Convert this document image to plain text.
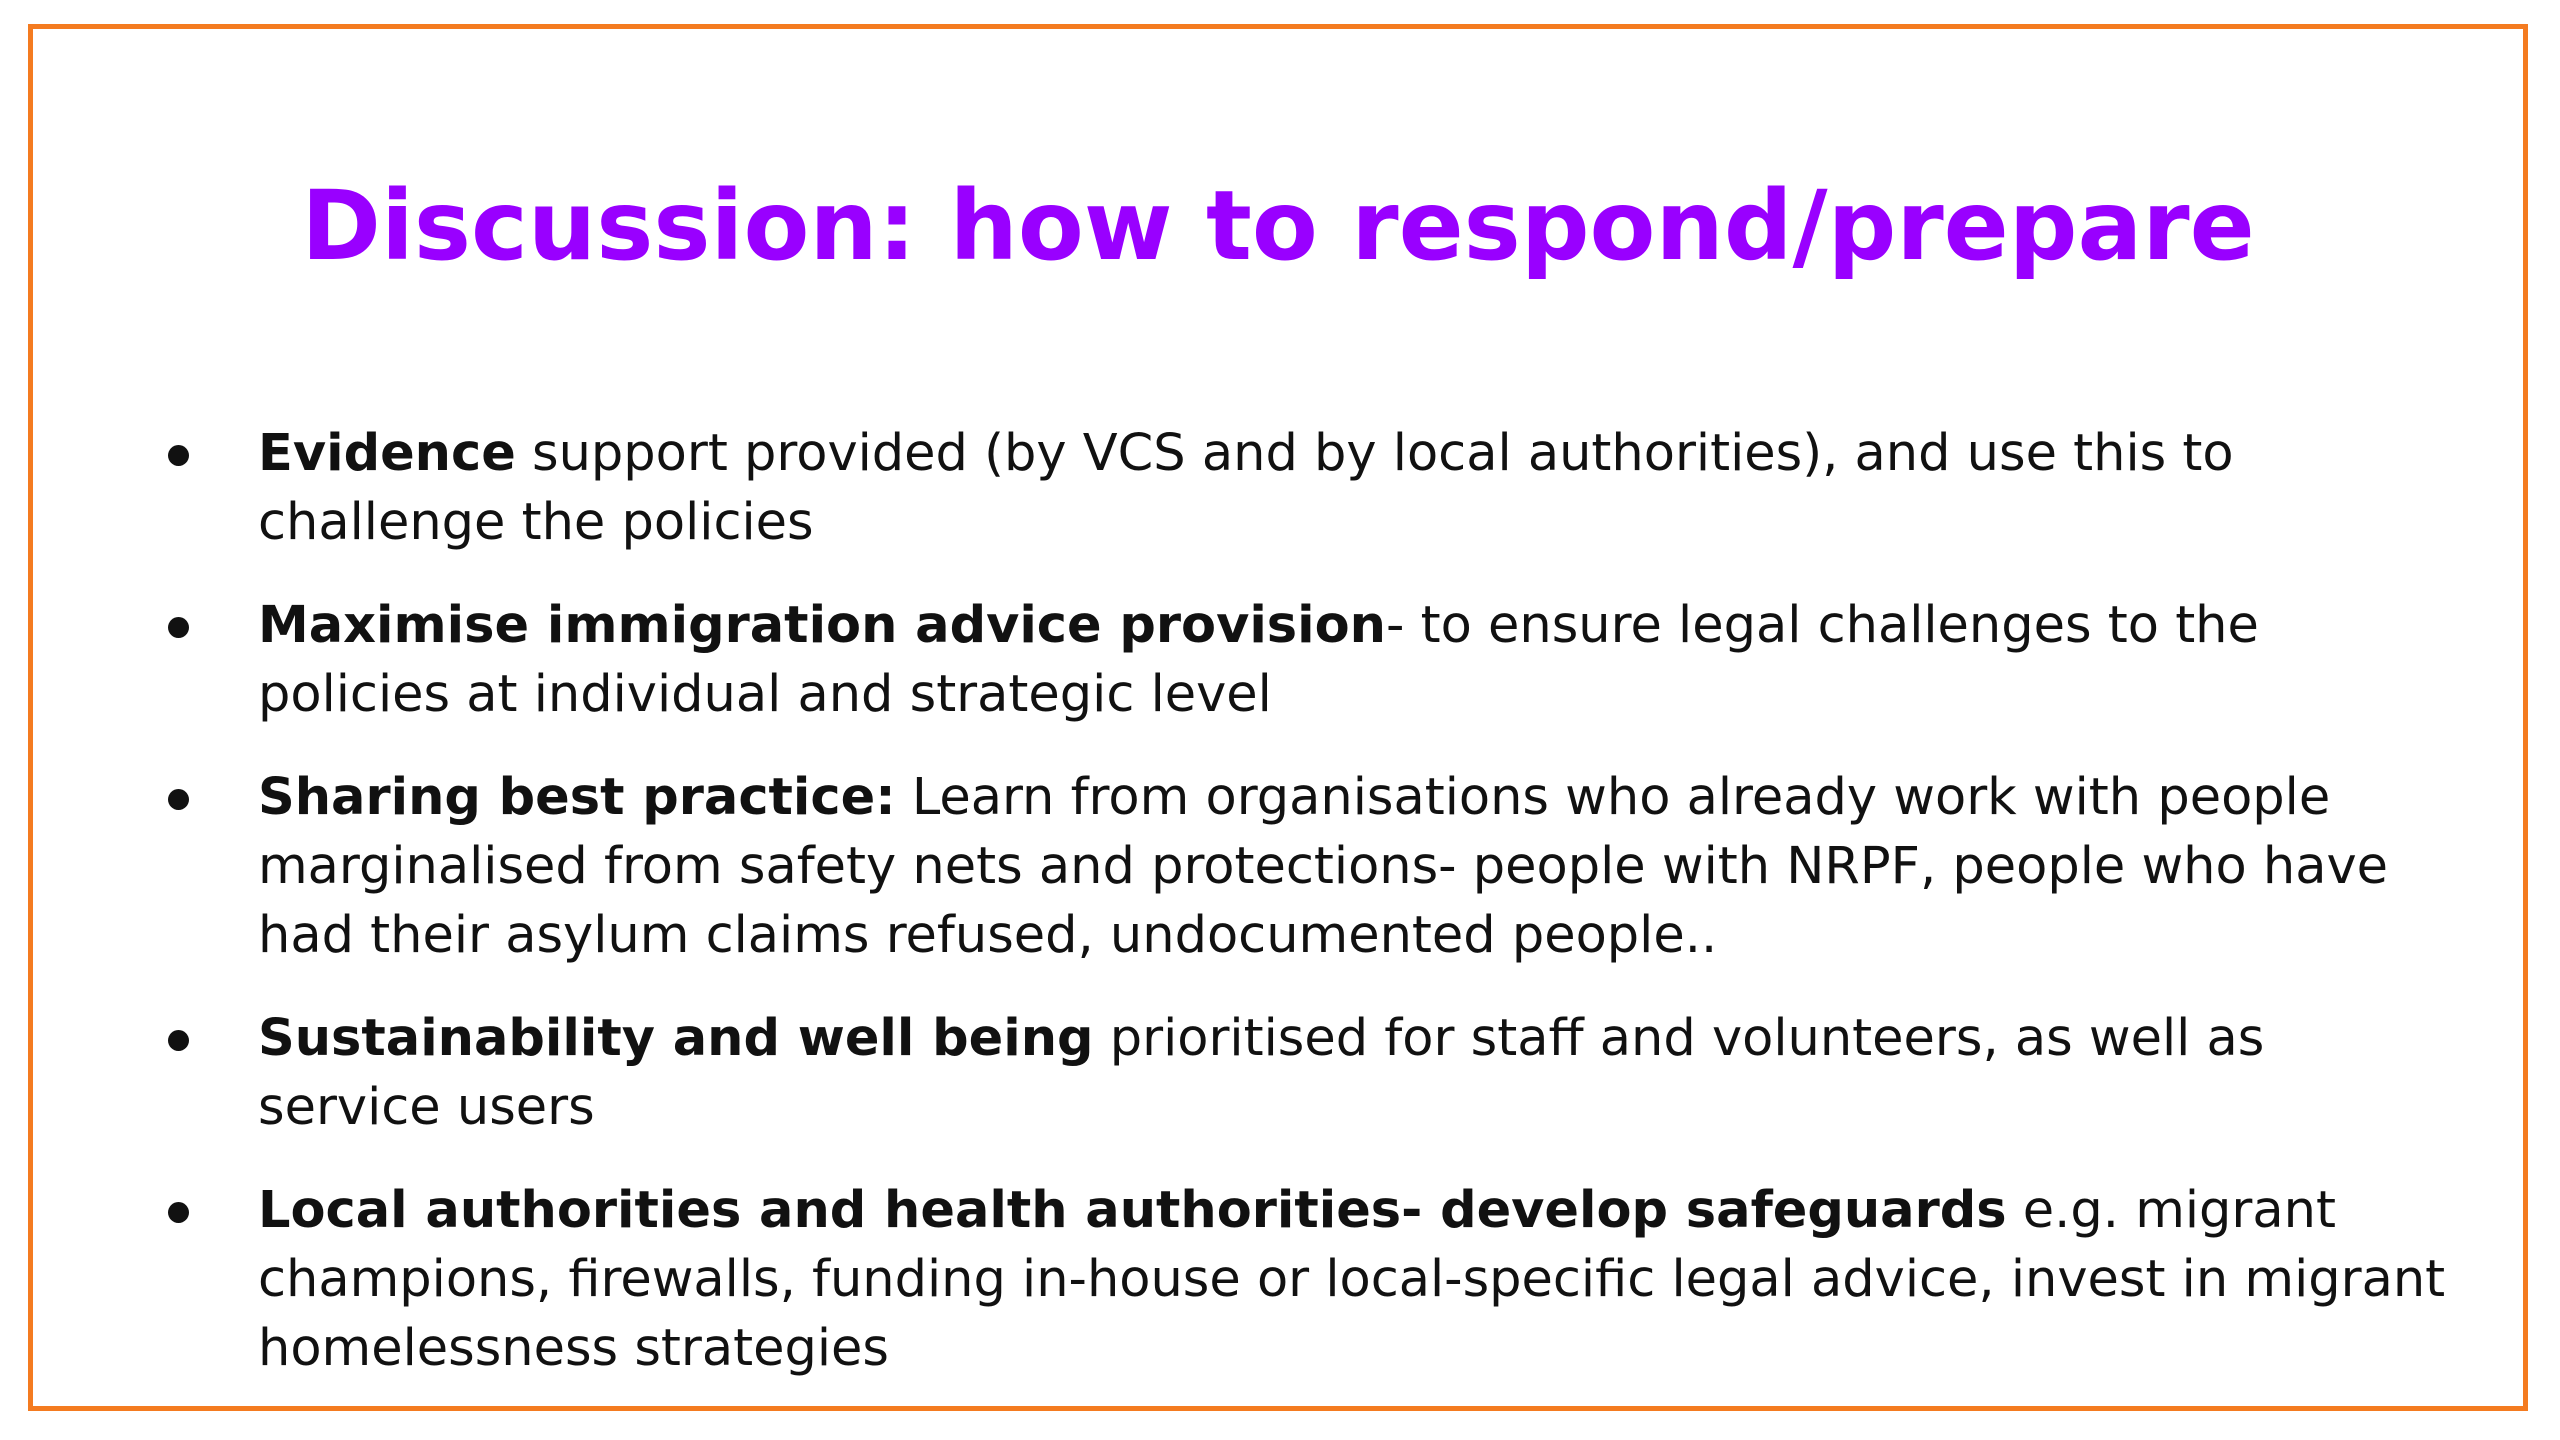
Discussion: how to respond/prepare
Evidence support provided (by VCS and by local authorities), and use this to challenge the policies
Maximise immigration advice provision- to ensure legal challenges to the policies at individual and strategic level
Sharing best practice: Learn from organisations who already work with people marginalised from safety nets and protections- people with NRPF, people who have had their asylum claims refused, undocumented people..
Sustainability and well being prioritised for staff and volunteers, as well as service users
Local authorities and health authorities- develop safeguards e.g. migrant champions, firewalls, funding in-house or local-specific legal advice, invest in migrant homelessness strategies
